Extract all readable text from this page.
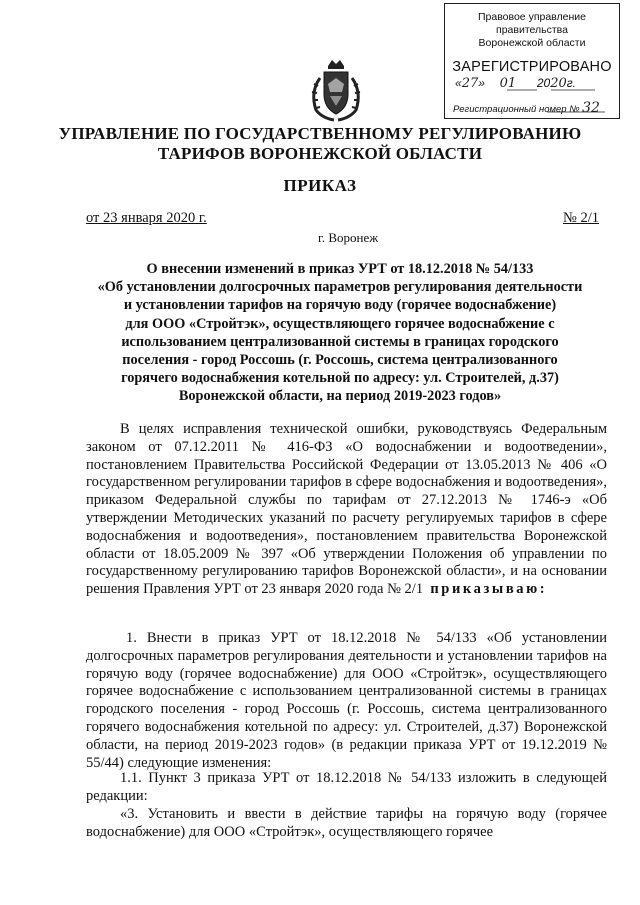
Правовое управление правительства
Воронежской области
ЗАРЕГИСТРИРОВАНО
«27»  01 2020г.
Регистрационный номер № 32
УПРАВЛЕНИЕ ПО ГОСУДАРСТВЕННОМУ РЕГУЛИРОВАНИЮ
ТАРИФОВ ВОРОНЕЖСКОЙ ОБЛАСТИ
ПРИКАЗ
от 23 января 2020 г.	№ 2/1
г. Воронеж
О внесении изменений в приказ УРТ от 18.12.2018 № 54/133
«Об установлении долгосрочных параметров регулирования деятельности
и установлении тарифов на горячую воду (горячее водоснабжение)
для ООО «Стройтэк», осуществляющего горячее водоснабжение с
использованием централизованной системы в границах городского
поселения - город Россошь (г. Россошь, система централизованного
горячего водоснабжения котельной по адресу: ул. Строителей, д.37)
Воронежской области, на период 2019-2023 годов»
В целях исправления технической ошибки, руководствуясь Федеральным законом от 07.12.2011 № 416-ФЗ «О водоснабжении и водоотведении», постановлением Правительства Российской Федерации от 13.05.2013 № 406 «О государственном регулировании тарифов в сфере водоснабжения и водоотведения», приказом Федеральной службы по тарифам от 27.12.2013 № 1746-э «Об утверждении Методических указаний по расчету регулируемых тарифов в сфере водоснабжения и водоотведения», постановлением правительства Воронежской области от 18.05.2009 № 397 «Об утверждении Положения об управлении по государственному регулированию тарифов Воронежской области», и на основании решения Правления УРТ от 23 января 2020 года № 2/1 приказываю:
1. Внести в приказ УРТ от 18.12.2018 № 54/133 «Об установлении долгосрочных параметров регулирования деятельности и установлении тарифов на горячую воду (горячее водоснабжение) для ООО «Стройтэк», осуществляющего горячее водоснабжение с использованием централизованной системы в границах городского поселения - город Россошь (г. Россошь, система централизованного горячего водоснабжения котельной по адресу: ул. Строителей, д.37) Воронежской области, на период 2019-2023 годов» (в редакции приказа УРТ от 19.12.2019 № 55/44) следующие изменения:
1.1. Пункт 3 приказа УРТ от 18.12.2018 № 54/133 изложить в следующей редакции:
«3. Установить и ввести в действие тарифы на горячую воду (горячее водоснабжение) для ООО «Стройтэк», осуществляющего горячее
